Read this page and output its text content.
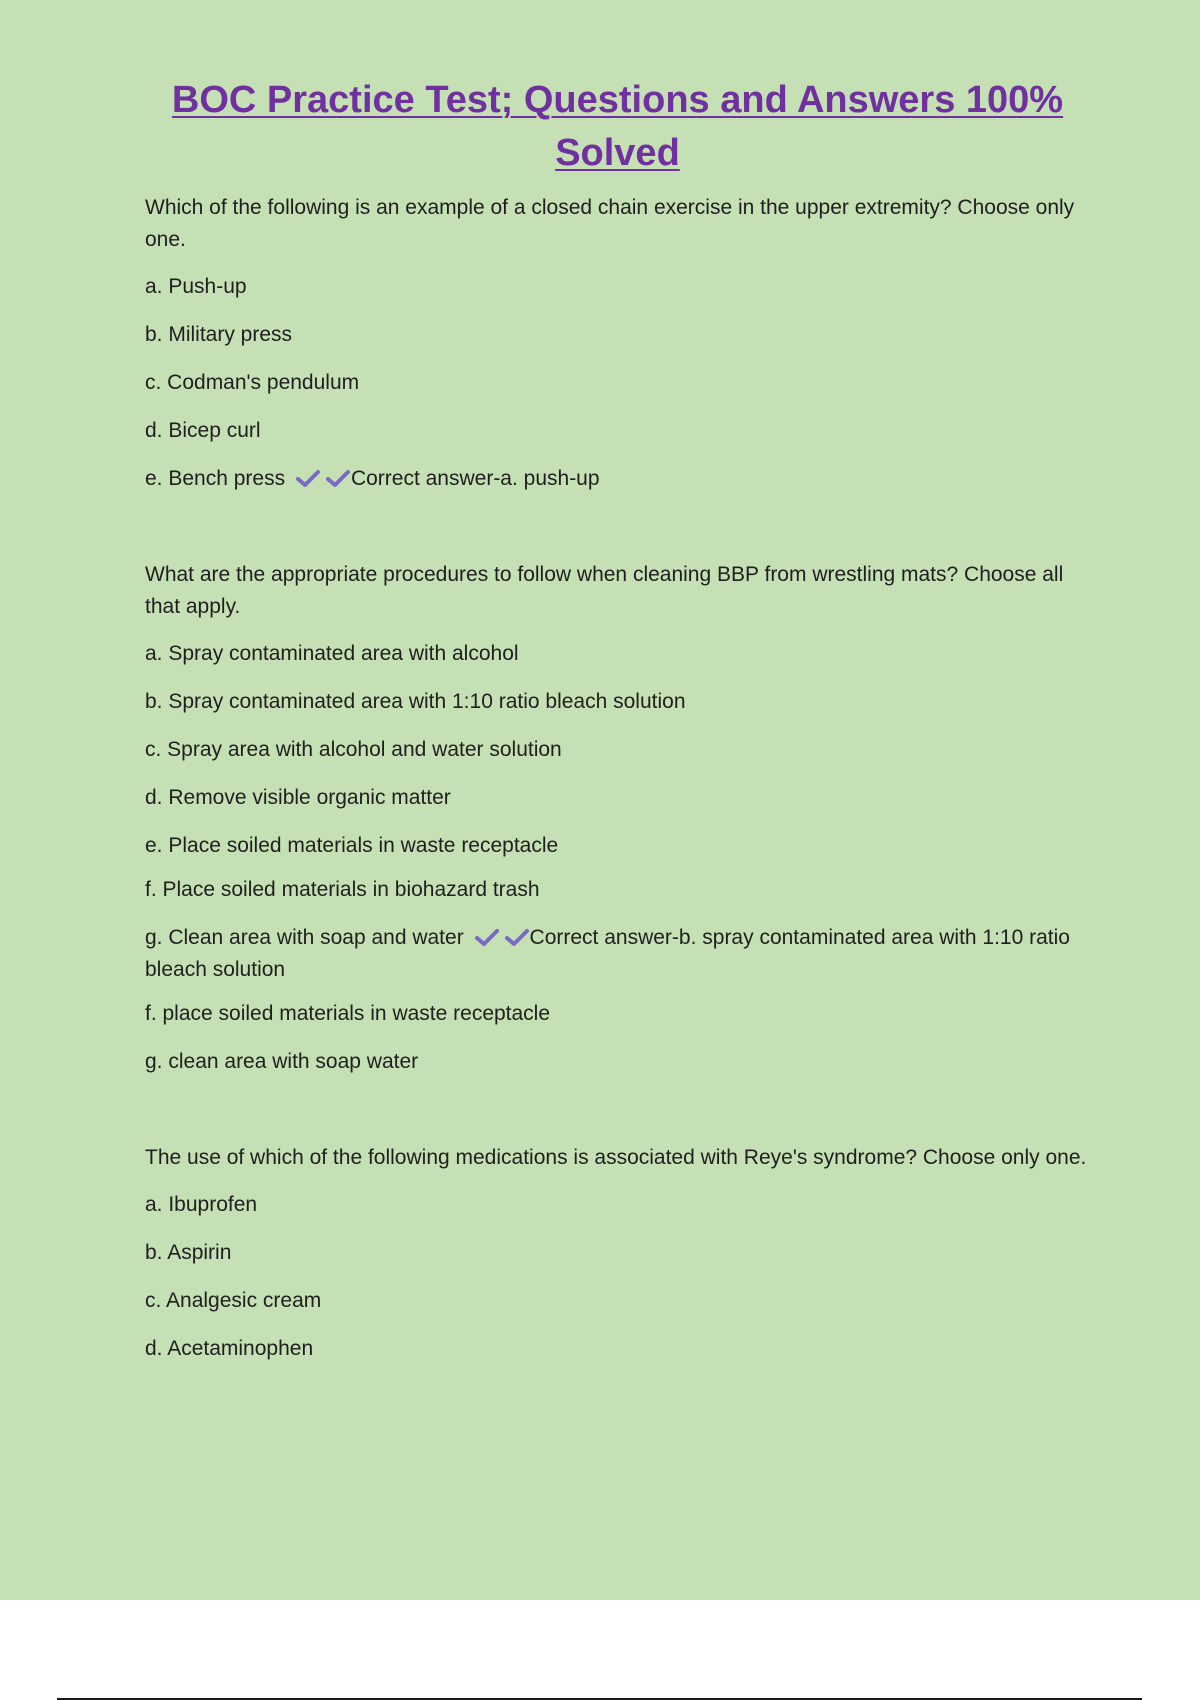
BOC Practice Test; Questions and Answers 100% Solved

Which of the following is an example of a closed chain exercise in the upper extremity? Choose only one.

a. Push-up

b. Military press

c. Codman's pendulum

d. Bicep curl

e. Bench press	Correct answer-a. push-up

What are the appropriate procedures to follow when cleaning BBP from wrestling mats? Choose all that apply.

a. Spray contaminated area with alcohol

b. Spray contaminated area with 1:10 ratio bleach solution

c. Spray area with alcohol and water solution

d. Remove visible organic matter

e. Place soiled materials in waste receptacle

f. Place soiled materials in biohazard trash

g. Clean area with soap and water	Correct answer-b. spray contaminated area with 1:10 ratio bleach solution

f. place soiled materials in waste receptacle

g. clean area with soap water

The use of which of the following medications is associated with Reye's syndrome? Choose only one.

a. Ibuprofen

b. Aspirin

c. Analgesic cream

d. Acetaminophen
